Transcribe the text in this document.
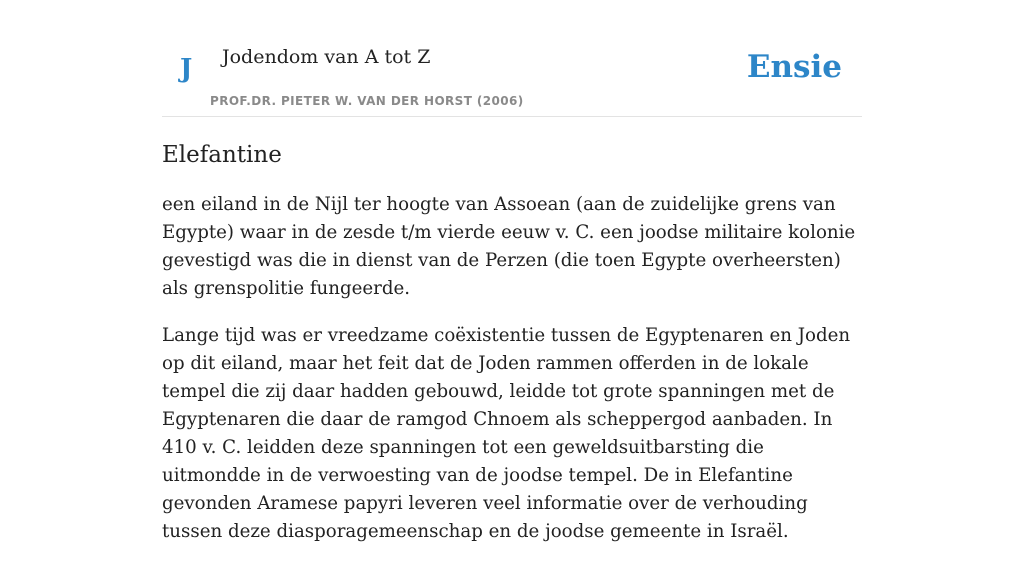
J Jodendom van A tot Z
PROF.DR. PIETER W. VAN DER HORST (2006)
Ensie
Elefantine

een eiland in de Nijl ter hoogte van Assoean (aan de zuidelijke grens van Egypte) waar in de zesde t/m vierde eeuw v. C. een joodse militaire kolonie gevestigd was die in dienst van de Perzen (die toen Egypte overheersten) als grenspolitie fungeerde.

Lange tijd was er vreedzame coëxistentie tussen de Egyptenaren en Joden op dit eiland, maar het feit dat de Joden rammen offerden in de lokale tempel die zij daar hadden gebouwd, leidde tot grote spanningen met de Egyptenaren die daar de ramgod Chnoem als scheppergod aanbaden. In 410 v. C. leidden deze spanningen tot een geweldsuitbarsting die uitmondde in de verwoesting van de joodse tempel. De in Elefantine gevonden Aramese papyri leveren veel informatie over de verhouding tussen deze diasporagemeenschap en de joodse gemeente in Israël.
